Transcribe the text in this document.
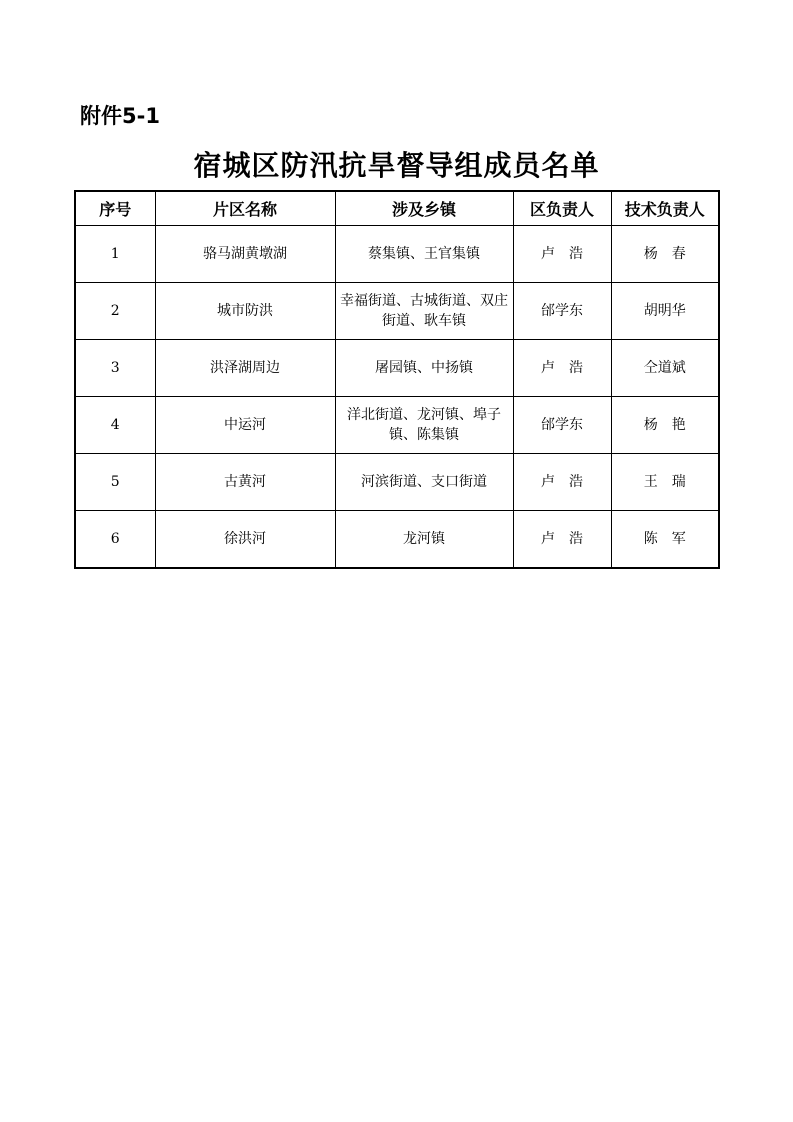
附件5-1
宿城区防汛抗旱督导组成员名单
序号	片区名称	涉及乡镇	区负责人	技术负责人
1	骆马湖黄墩湖	蔡集镇、王官集镇	卢　浩	杨　春
2	城市防洪	幸福街道、古城街道、双庄街道、耿车镇	邰学东	胡明华
3	洪泽湖周边	屠园镇、中扬镇	卢　浩	仝道斌
4	中运河	洋北街道、龙河镇、埠子镇、陈集镇	邰学东	杨　艳
5	古黄河	河滨街道、支口街道	卢　浩	王　瑞
6	徐洪河	龙河镇	卢　浩	陈　军
